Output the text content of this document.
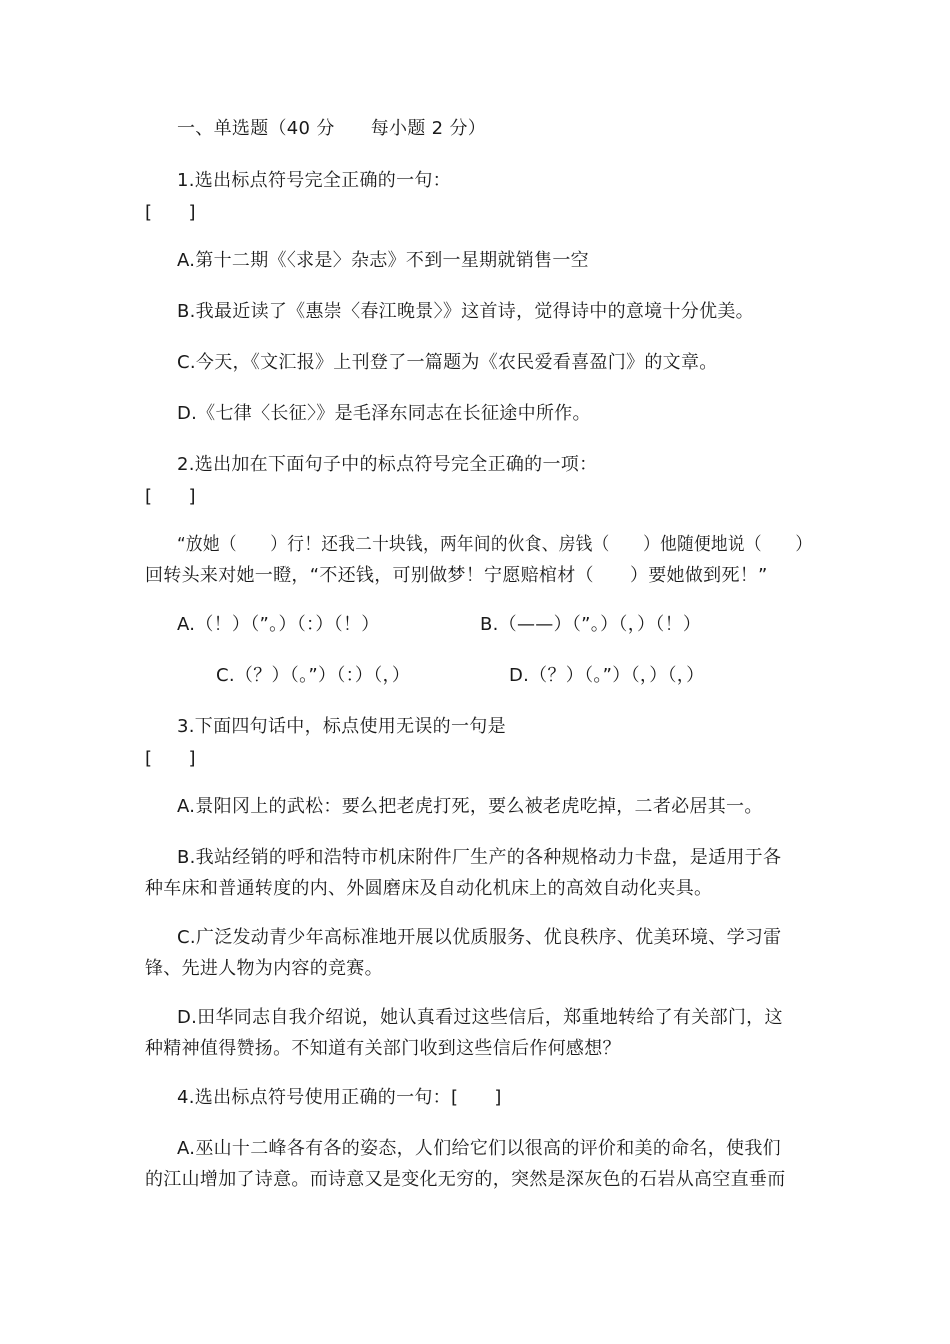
一、单选题（40 分      每小题 2 分）
1.选出标点符号完全正确的一句：
[      ]
A.第十二期《〈求是〉杂志》不到一星期就销售一空
B.我最近读了《惠崇〈春江晚景〉》这首诗，觉得诗中的意境十分优美。
C.今天，《文汇报》上刊登了一篇题为《农民爱看喜盈门》的文章。
D.《七律〈长征〉》是毛泽东同志在长征途中所作。
2.选出加在下面句子中的标点符号完全正确的一项：
[      ]
“放她（      ）行！还我二十块钱，两年间的伙食、房钱（      ）他随便地说（      ）
回转头来对她一瞪，“不还钱，可别做梦！宁愿赔棺材（      ）要她做到死！”
A.（！）（”。）（：）（！）	B.（——）（”。）（，）（！）
C.（？）（。”）（：）（，）	D.（？）（。”）（，）（，）
3.下面四句话中，标点使用无误的一句是
[      ]
A.景阳冈上的武松：要么把老虎打死，要么被老虎吃掉，二者必居其一。
B.我站经销的呼和浩特市机床附件厂生产的各种规格动力卡盘，是适用于各
种车床和普通转度的内、外圆磨床及自动化机床上的高效自动化夹具。
C.广泛发动青少年高标准地开展以优质服务、优良秩序、优美环境、学习雷
锋、先进人物为内容的竞赛。
D.田华同志自我介绍说，她认真看过这些信后，郑重地转给了有关部门，这
种精神值得赞扬。不知道有关部门收到这些信后作何感想？
4.选出标点符号使用正确的一句：[      ]
A.巫山十二峰各有各的姿态，人们给它们以很高的评价和美的命名，使我们
的江山增加了诗意。而诗意又是变化无穷的，突然是深灰色的石岩从高空直垂而
